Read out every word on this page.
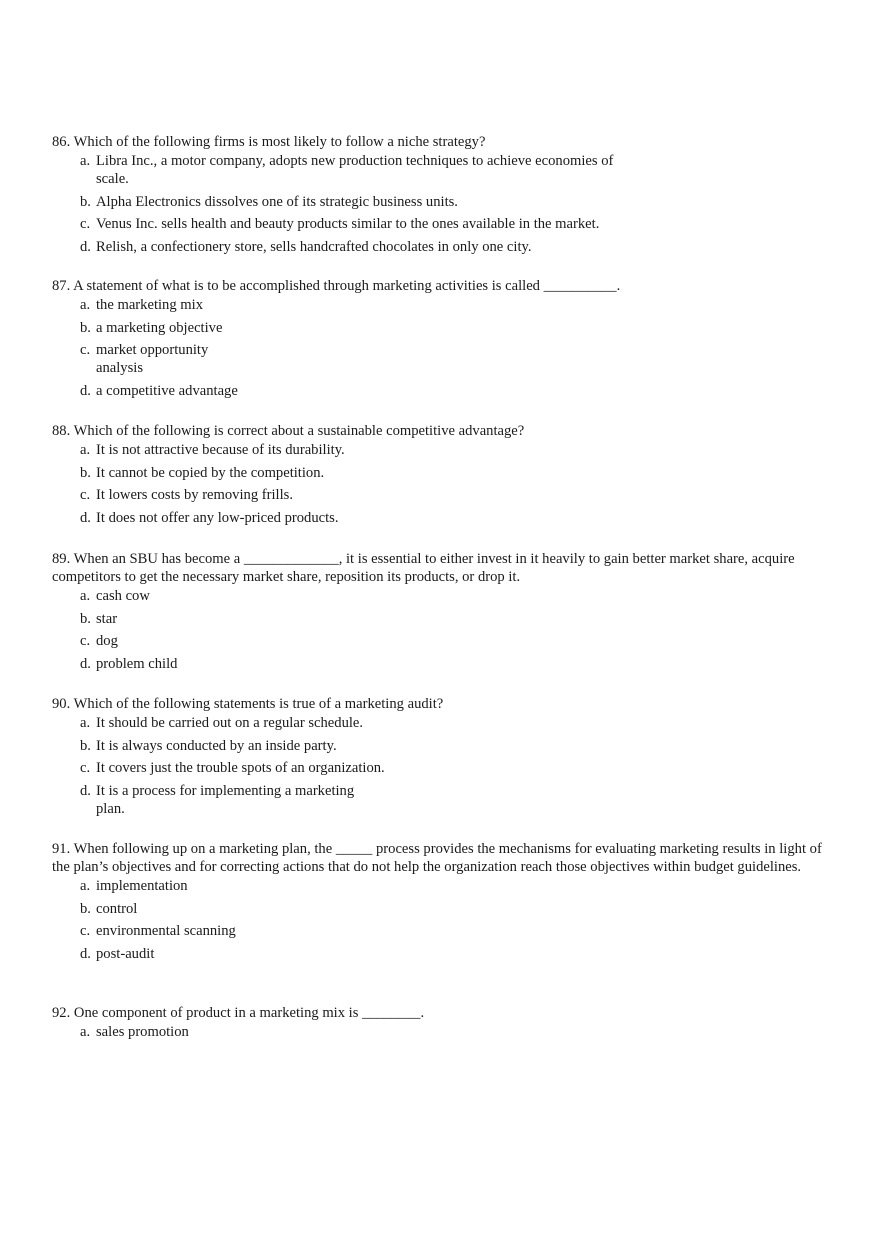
86. Which of the following firms is most likely to follow a niche strategy?

a. Libra Inc., a motor company, adopts new production techniques to achieve economies of scale.
b. Alpha Electronics dissolves one of its strategic business units.
c. Venus Inc. sells health and beauty products similar to the ones available in the market.
d. Relish, a confectionery store, sells handcrafted chocolates in only one city.

87. A statement of what is to be accomplished through marketing activities is called __________.

a. the marketing mix
b. a marketing objective
c. market opportunity analysis
d. a competitive advantage

88. Which of the following is correct about a sustainable competitive advantage?

a. It is not attractive because of its durability.
b. It cannot be copied by the competition.
c. It lowers costs by removing frills.
d. It does not offer any low-priced products.

89. When an SBU has become a _____________, it is essential to either invest in it heavily to gain better market share, acquire competitors to get the necessary market share, reposition its products, or drop it.

a. cash cow
b. star
c. dog
d. problem child

90. Which of the following statements is true of a marketing audit?

a. It should be carried out on a regular schedule.
b. It is always conducted by an inside party.
c. It covers just the trouble spots of an organization.
d. It is a process for implementing a marketing plan.

91. When following up on a marketing plan, the _____ process provides the mechanisms for evaluating marketing results in light of the plan’s objectives and for correcting actions that do not help the organization reach those objectives within budget guidelines.

a. implementation
b. control
c. environmental scanning
d. post-audit

92. One component of product in a marketing mix is ________.

a. sales promotion
